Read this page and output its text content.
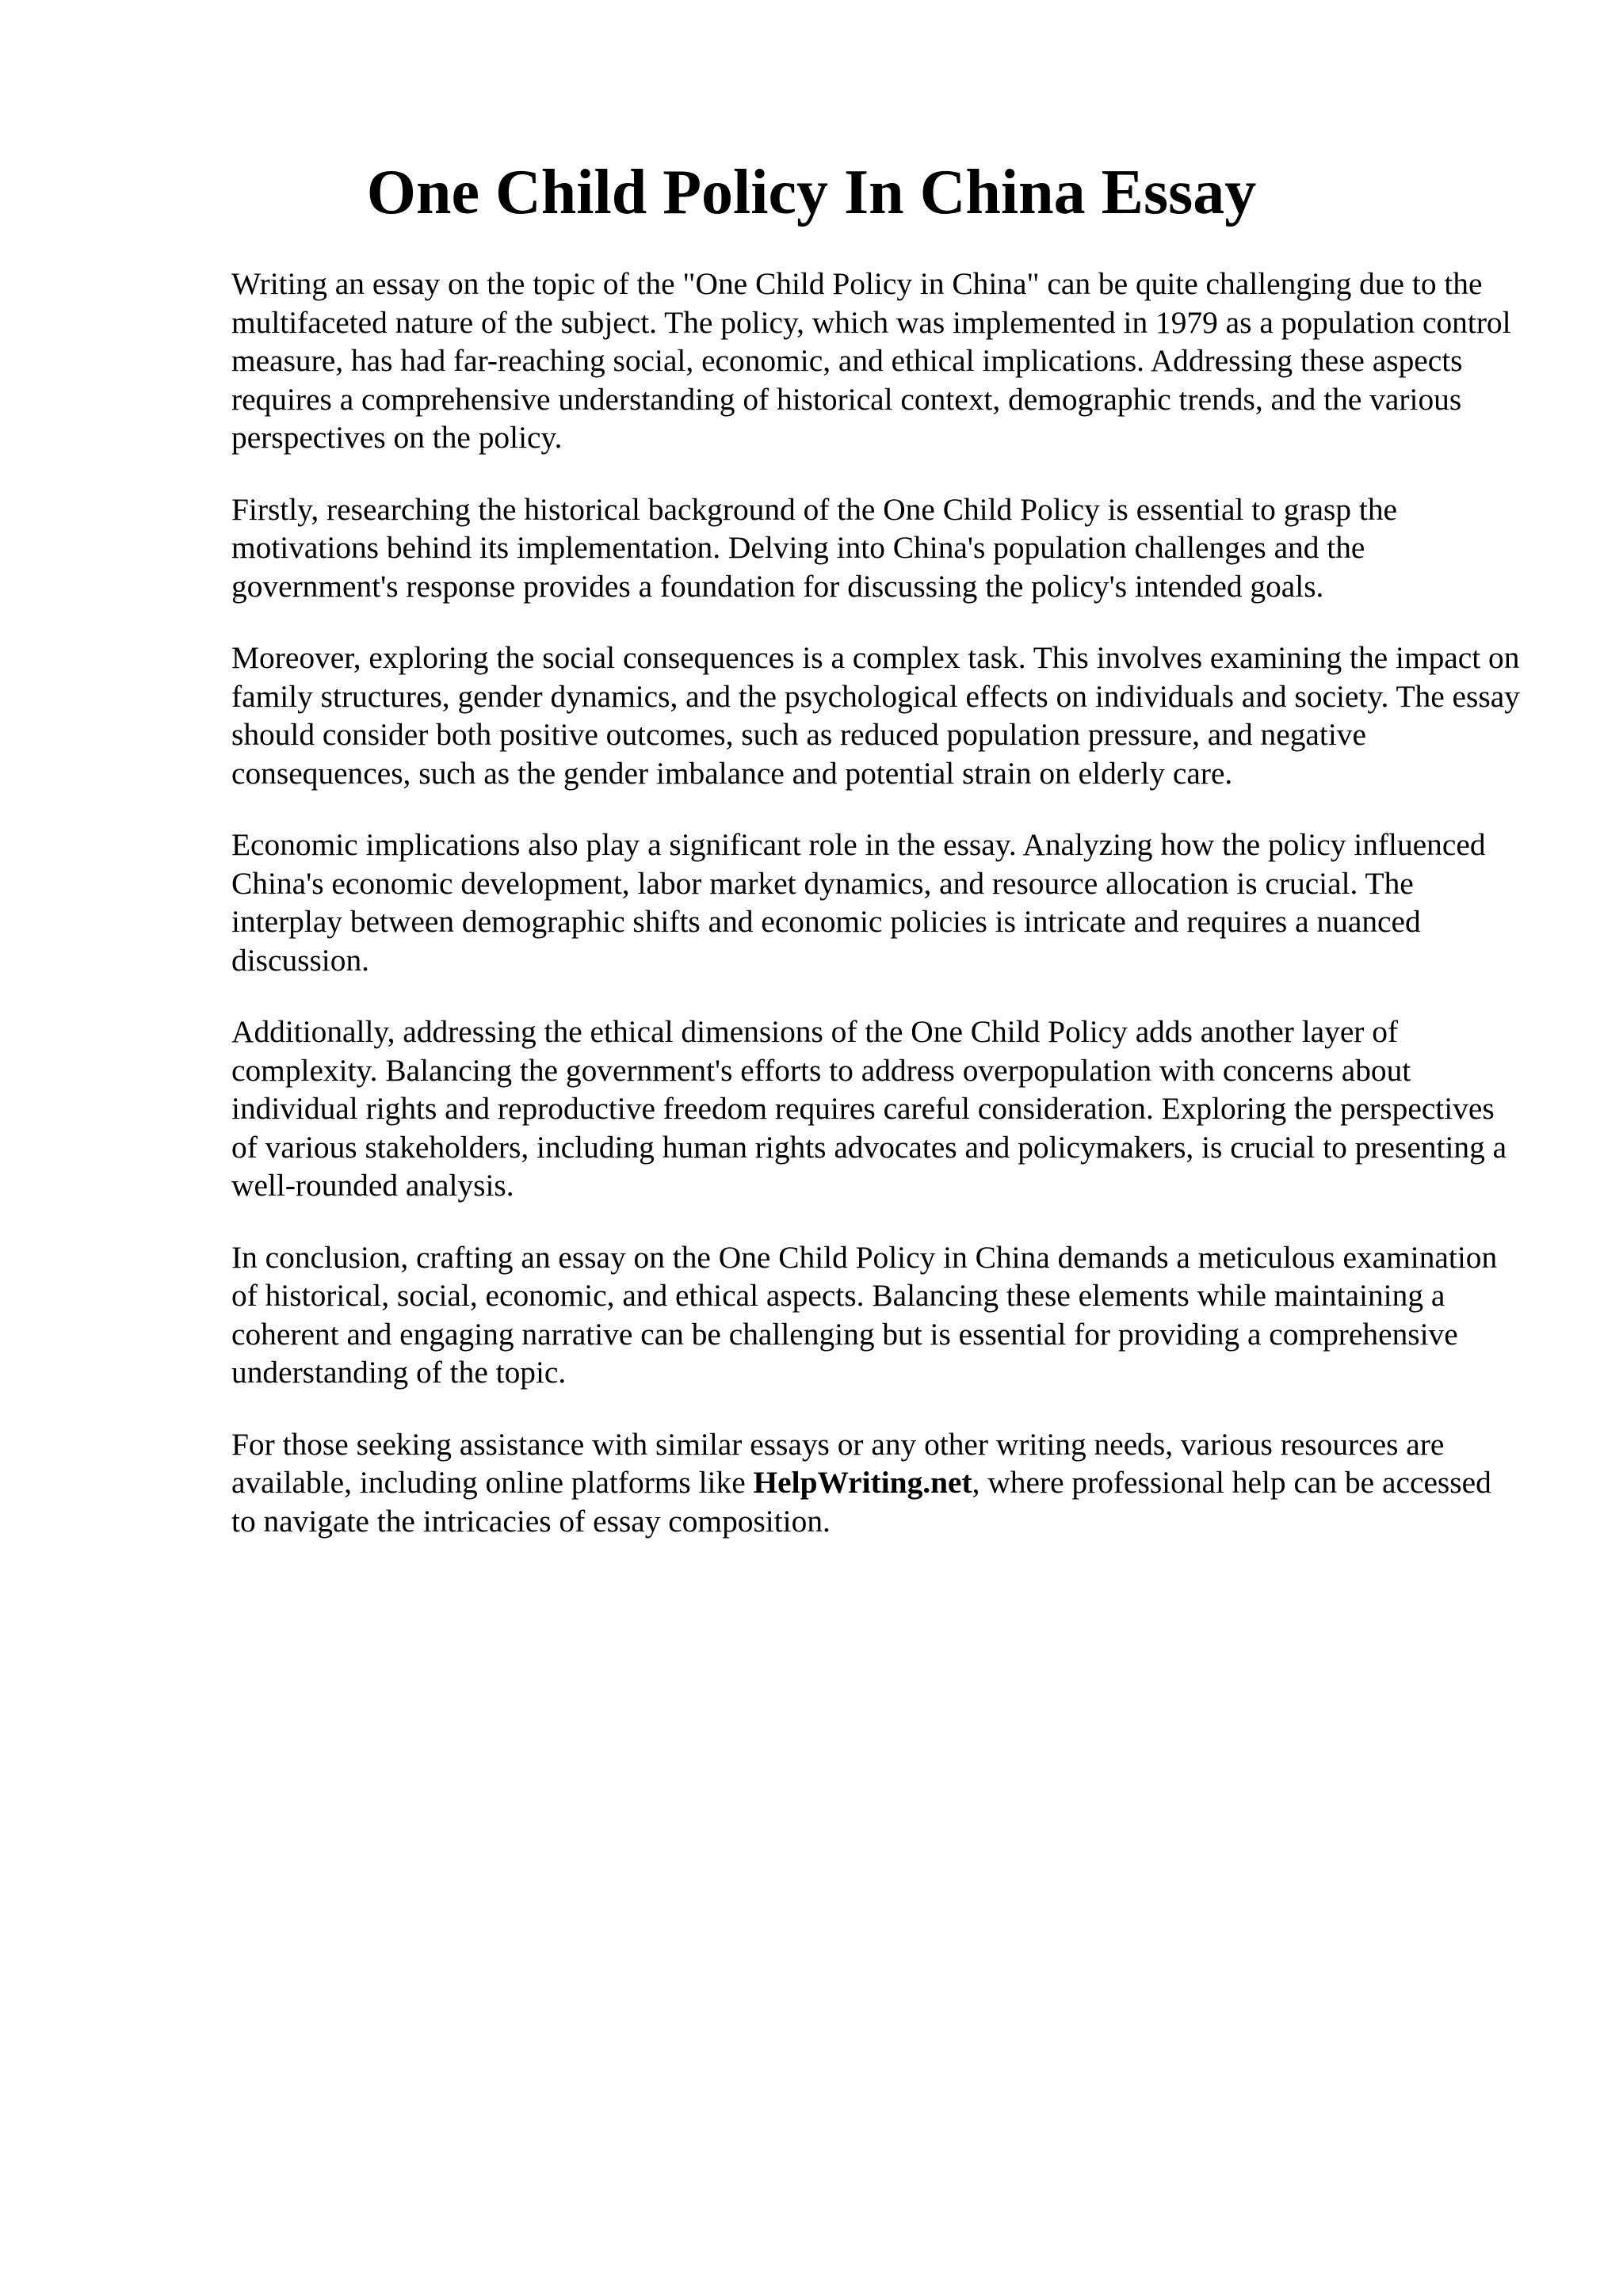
One Child Policy In China Essay

Writing an essay on the topic of the "One Child Policy in China" can be quite challenging due to the multifaceted nature of the subject. The policy, which was implemented in 1979 as a population control measure, has had far-reaching social, economic, and ethical implications. Addressing these aspects requires a comprehensive understanding of historical context, demographic trends, and the various perspectives on the policy.

Firstly, researching the historical background of the One Child Policy is essential to grasp the motivations behind its implementation. Delving into China's population challenges and the government's response provides a foundation for discussing the policy's intended goals.

Moreover, exploring the social consequences is a complex task. This involves examining the impact on family structures, gender dynamics, and the psychological effects on individuals and society. The essay should consider both positive outcomes, such as reduced population pressure, and negative consequences, such as the gender imbalance and potential strain on elderly care.

Economic implications also play a significant role in the essay. Analyzing how the policy influenced China's economic development, labor market dynamics, and resource allocation is crucial. The interplay between demographic shifts and economic policies is intricate and requires a nuanced discussion.

Additionally, addressing the ethical dimensions of the One Child Policy adds another layer of complexity. Balancing the government's efforts to address overpopulation with concerns about individual rights and reproductive freedom requires careful consideration. Exploring the perspectives of various stakeholders, including human rights advocates and policymakers, is crucial to presenting a well-rounded analysis.

In conclusion, crafting an essay on the One Child Policy in China demands a meticulous examination of historical, social, economic, and ethical aspects. Balancing these elements while maintaining a coherent and engaging narrative can be challenging but is essential for providing a comprehensive understanding of the topic.

For those seeking assistance with similar essays or any other writing needs, various resources are available, including online platforms like HelpWriting.net, where professional help can be accessed to navigate the intricacies of essay composition.
